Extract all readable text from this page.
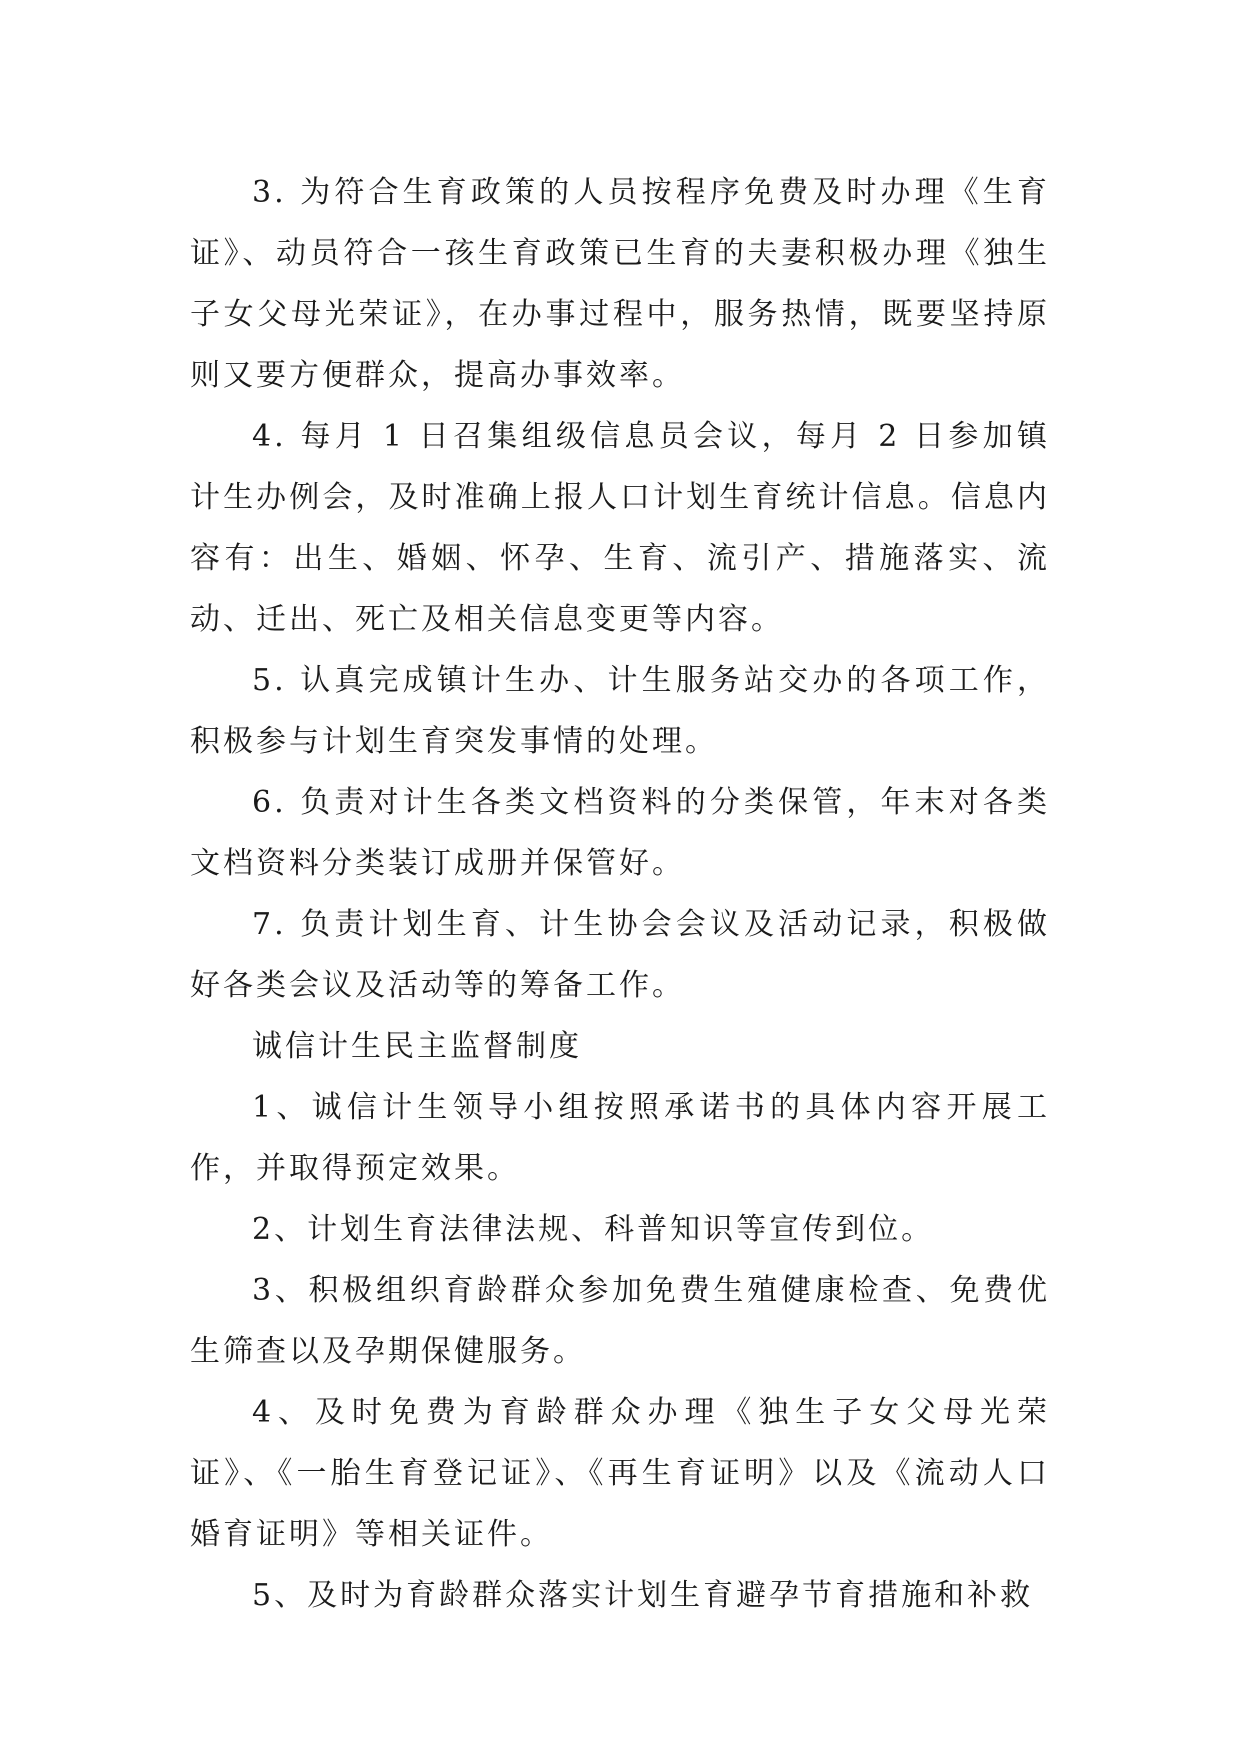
3. 为符合生育政策的人员按程序免费及时办理《生育证》、动员符合一孩生育政策已生育的夫妻积极办理《独生子女父母光荣证》，在办事过程中，服务热情，既要坚持原则又要方便群众，提高办事效率。

4. 每月 1 日召集组级信息员会议，每月 2 日参加镇计生办例会，及时准确上报人口计划生育统计信息。信息内容有：出生、婚姻、怀孕、生育、流引产、措施落实、流动、迁出、死亡及相关信息变更等内容。

5. 认真完成镇计生办、计生服务站交办的各项工作，积极参与计划生育突发事情的处理。

6. 负责对计生各类文档资料的分类保管，年末对各类文档资料分类装订成册并保管好。

7. 负责计划生育、计生协会会议及活动记录，积极做好各类会议及活动等的筹备工作。

诚信计生民主监督制度

1、诚信计生领导小组按照承诺书的具体内容开展工作，并取得预定效果。

2、计划生育法律法规、科普知识等宣传到位。

3、积极组织育龄群众参加免费生殖健康检查、免费优生筛查以及孕期保健服务。

4、及时免费为育龄群众办理《独生子女父母光荣证》、《一胎生育登记证》、《再生育证明》以及《流动人口婚育证明》等相关证件。

5、及时为育龄群众落实计划生育避孕节育措施和补救
